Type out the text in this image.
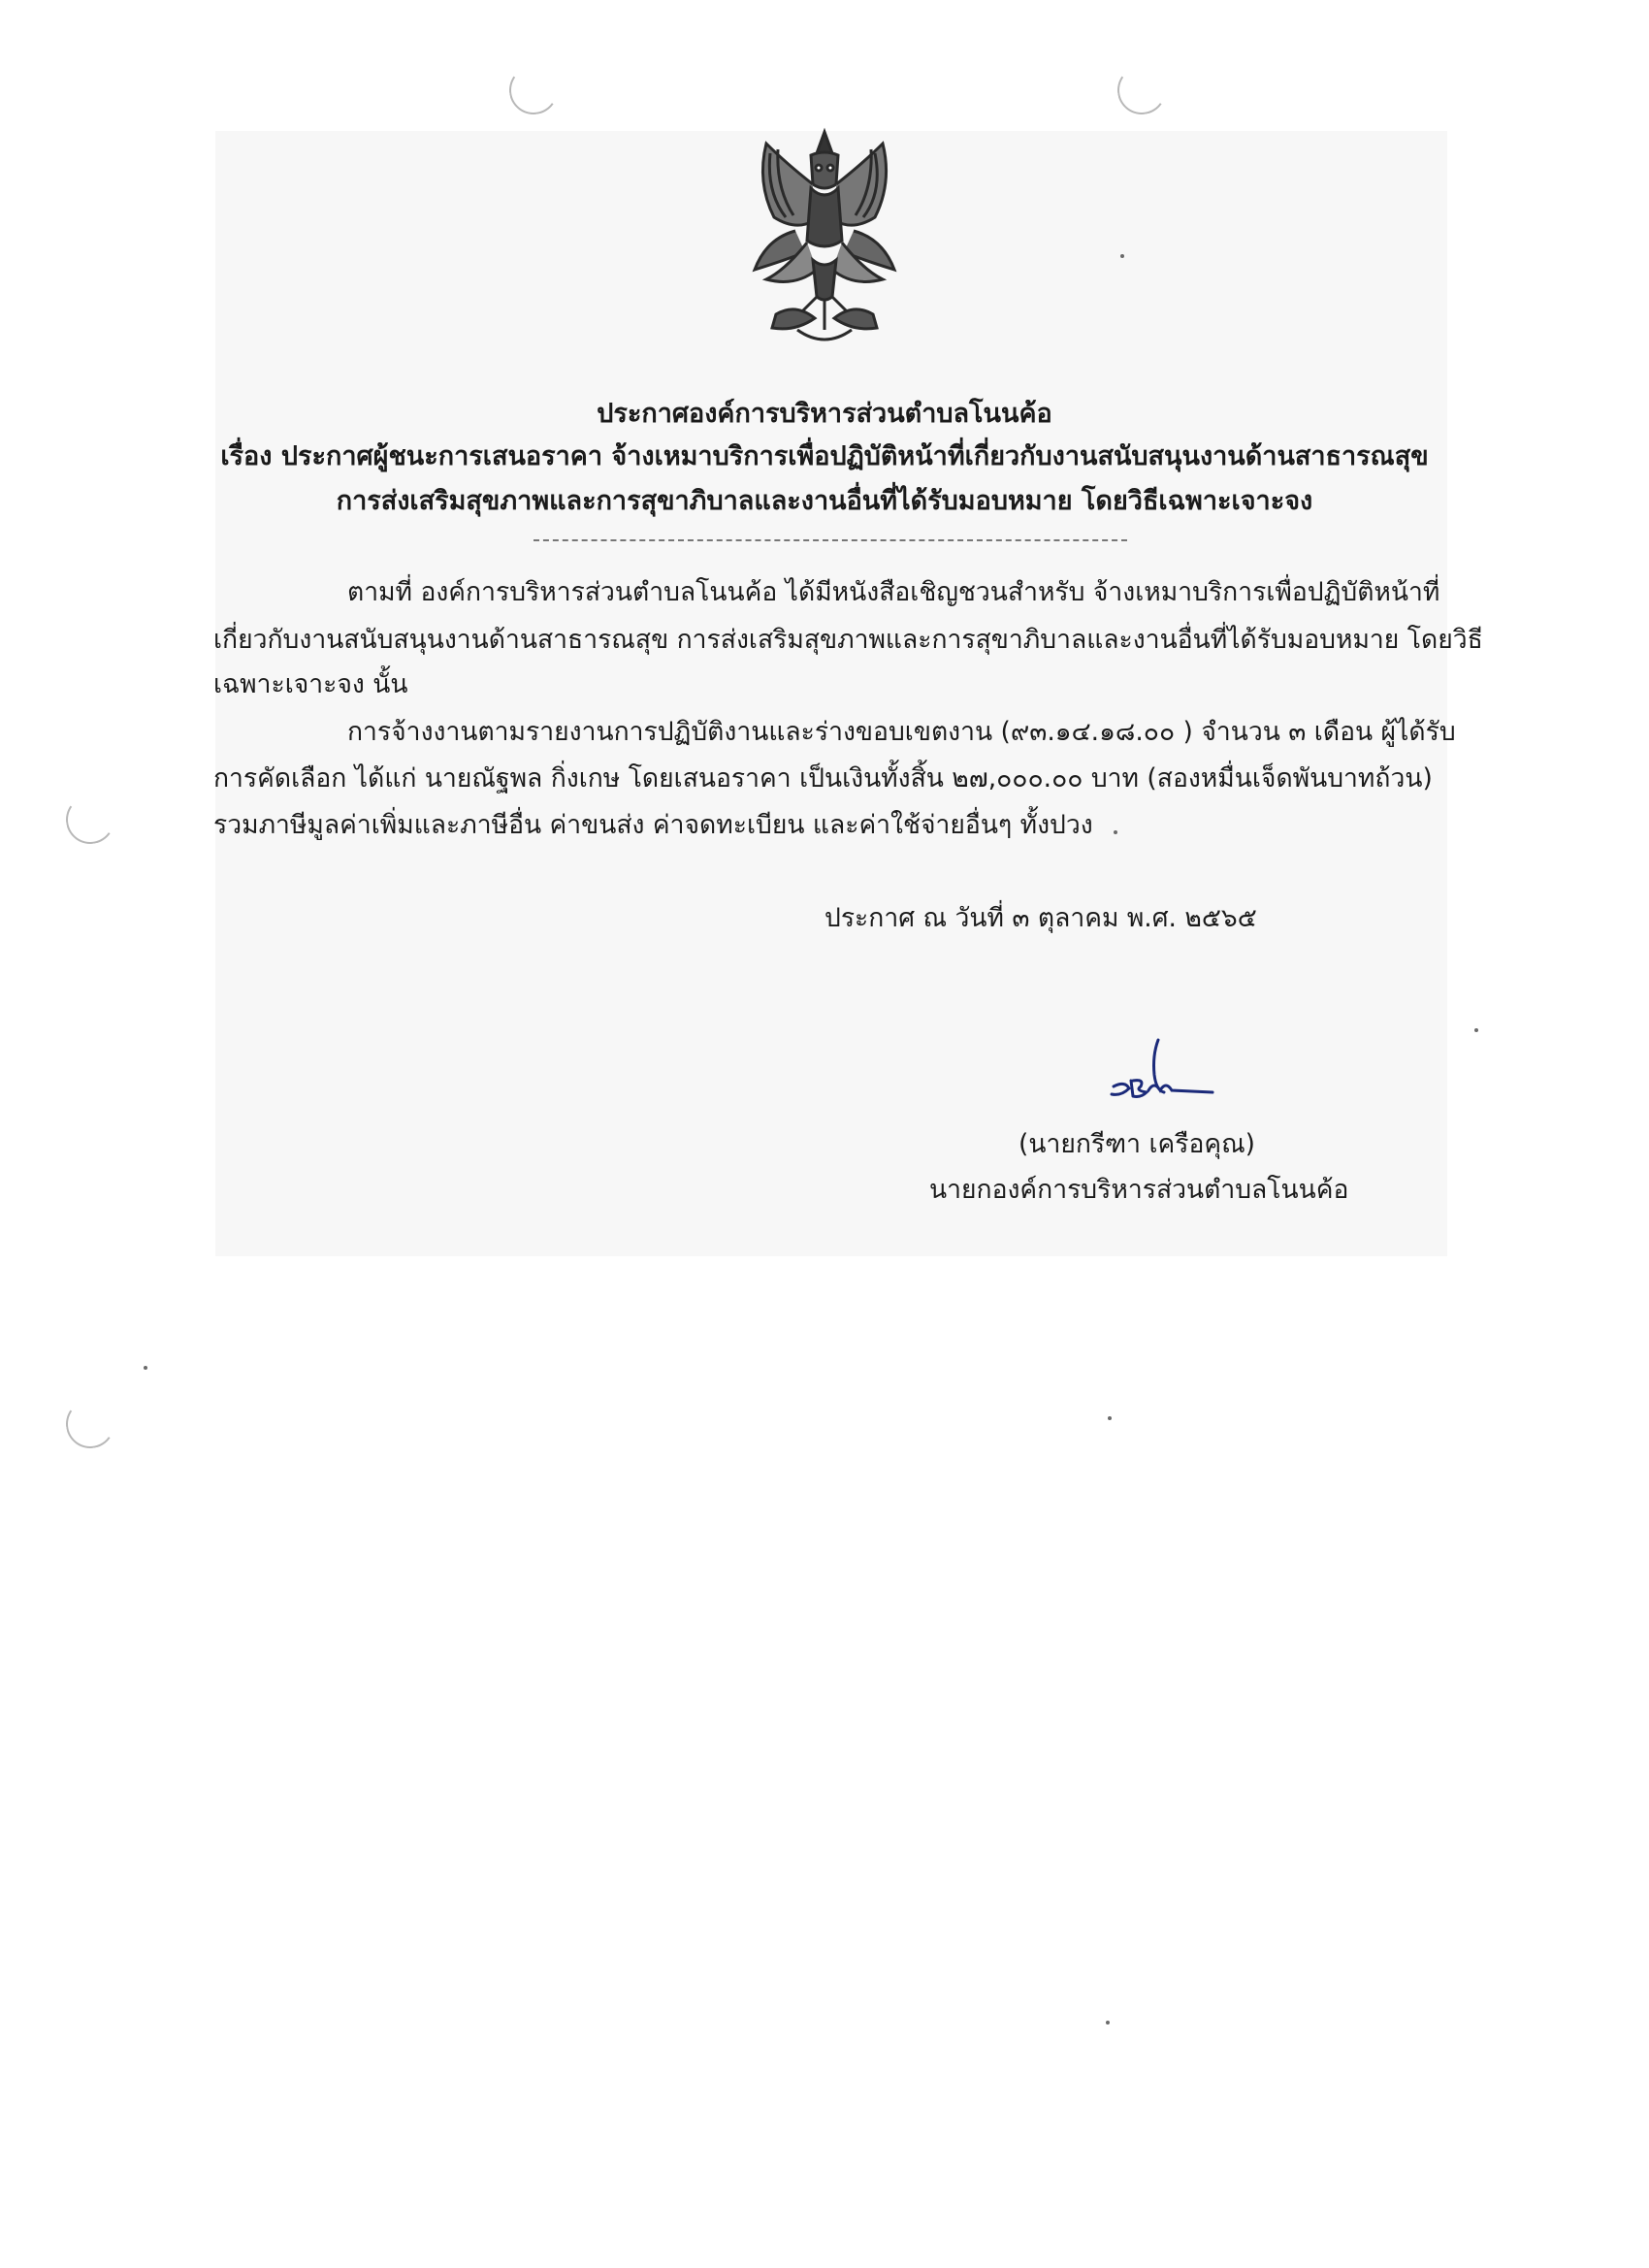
ประกาศองค์การบริหารส่วนตำบลโนนค้อ
เรื่อง ประกาศผู้ชนะการเสนอราคา จ้างเหมาบริการเพื่อปฏิบัติหน้าที่เกี่ยวกับงานสนับสนุนงานด้านสาธารณสุข
การส่งเสริมสุขภาพและการสุขาภิบาลและงานอื่นที่ได้รับมอบหมาย โดยวิธีเฉพาะเจาะจง
ตามที่ องค์การบริหารส่วนตำบลโนนค้อ ได้มีหนังสือเชิญชวนสำหรับ จ้างเหมาบริการเพื่อปฏิบัติหน้าที่
เกี่ยวกับงานสนับสนุนงานด้านสาธารณสุข การส่งเสริมสุขภาพและการสุขาภิบาลและงานอื่นที่ได้รับมอบหมาย โดยวิธี
เฉพาะเจาะจง นั้น
การจ้างงานตามรายงานการปฏิบัติงานและร่างขอบเขตงาน (๙๓.๑๔.๑๘.๐๐ ) จำนวน ๓ เดือน ผู้ได้รับ
การคัดเลือก ได้แก่ นายณัฐพล กิ่งเกษ โดยเสนอราคา เป็นเงินทั้งสิ้น ๒๗,๐๐๐.๐๐ บาท (สองหมื่นเจ็ดพันบาทถ้วน)
รวมภาษีมูลค่าเพิ่มและภาษีอื่น ค่าขนส่ง ค่าจดทะเบียน และค่าใช้จ่ายอื่นๆ ทั้งปวง
ประกาศ ณ วันที่ ๓ ตุลาคม พ.ศ. ๒๕๖๕
(นายกรีฑา เครือคุณ)
นายกองค์การบริหารส่วนตำบลโนนค้อ
